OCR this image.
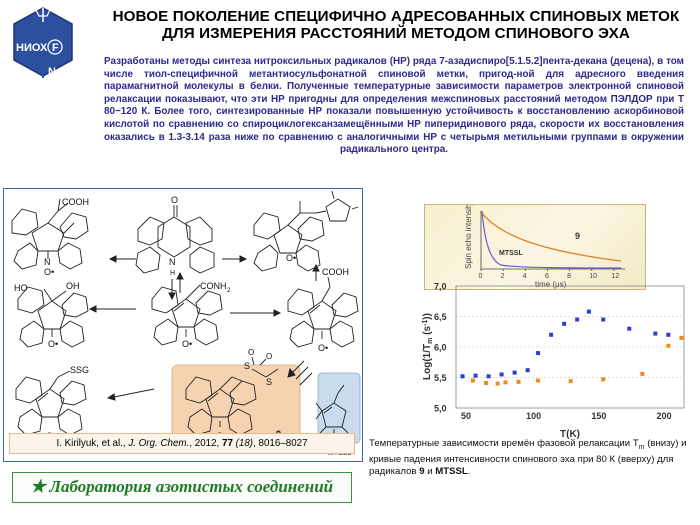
НИОХ F
N
НОВОЕ ПОКОЛЕНИЕ СПЕЦИФИЧНО АДРЕСОВАННЫХ СПИНОВЫХ МЕТОК
ДЛЯ ИЗМЕРЕНИЯ РАССТОЯНИЙ МЕТОДОМ СПИНОВОГО ЭХА
Разработаны методы синтеза нитроксильных радикалов (НР) ряда 7-азадиспиро[5.1.5.2]пента-декана (децена), в том числе тиол-специфичной метантиосульфонатной спиновой метки, пригод-ной для адресного введения парамагнитной молекулы в белки. Полученные температурные зависимости параметров электронной спиновой релаксации показывают, что эти НР пригодны для определения межспиновых расстояний методом ПЭЛДОР при Т 80−120 К. Более того, синтезированные НР показали повышенную устойчивость к восстановлению аскорбиновой кислотой по сравнению со спироциклогексанзамещёнными НР пиперидинового ряда, скорости их восстановления оказались в 1.3-3.14 раза ниже по сравнению с аналогичными НР с четырьмя метильными группами в окружении радикального центра.
COOH	O
N
H
CONH 2
HO	OH
COOH
SSG	S
S
O O
N
O•
O•	O•	O•
O•
I. Kirilyuk, et al., J. Org. Chem., 2012, 77 (18), 8016–8027
✭ Лаборатория азотистых соединений
0	2	4	6	8	10 12
9
MTSSL
Spin echo intensity
time (μs)
5,0
5,5
6,0
6,5
7,0
50	100	150	200
$Log(1/T_m$ $(s^{-1})$)
T(K)
Температурные зависимости времён фазовой релаксации $T_m$ (внизу) и кривые падения интенсивности спинового эха при 80 К (вверху) для радикалов 9 и MTSSL.
